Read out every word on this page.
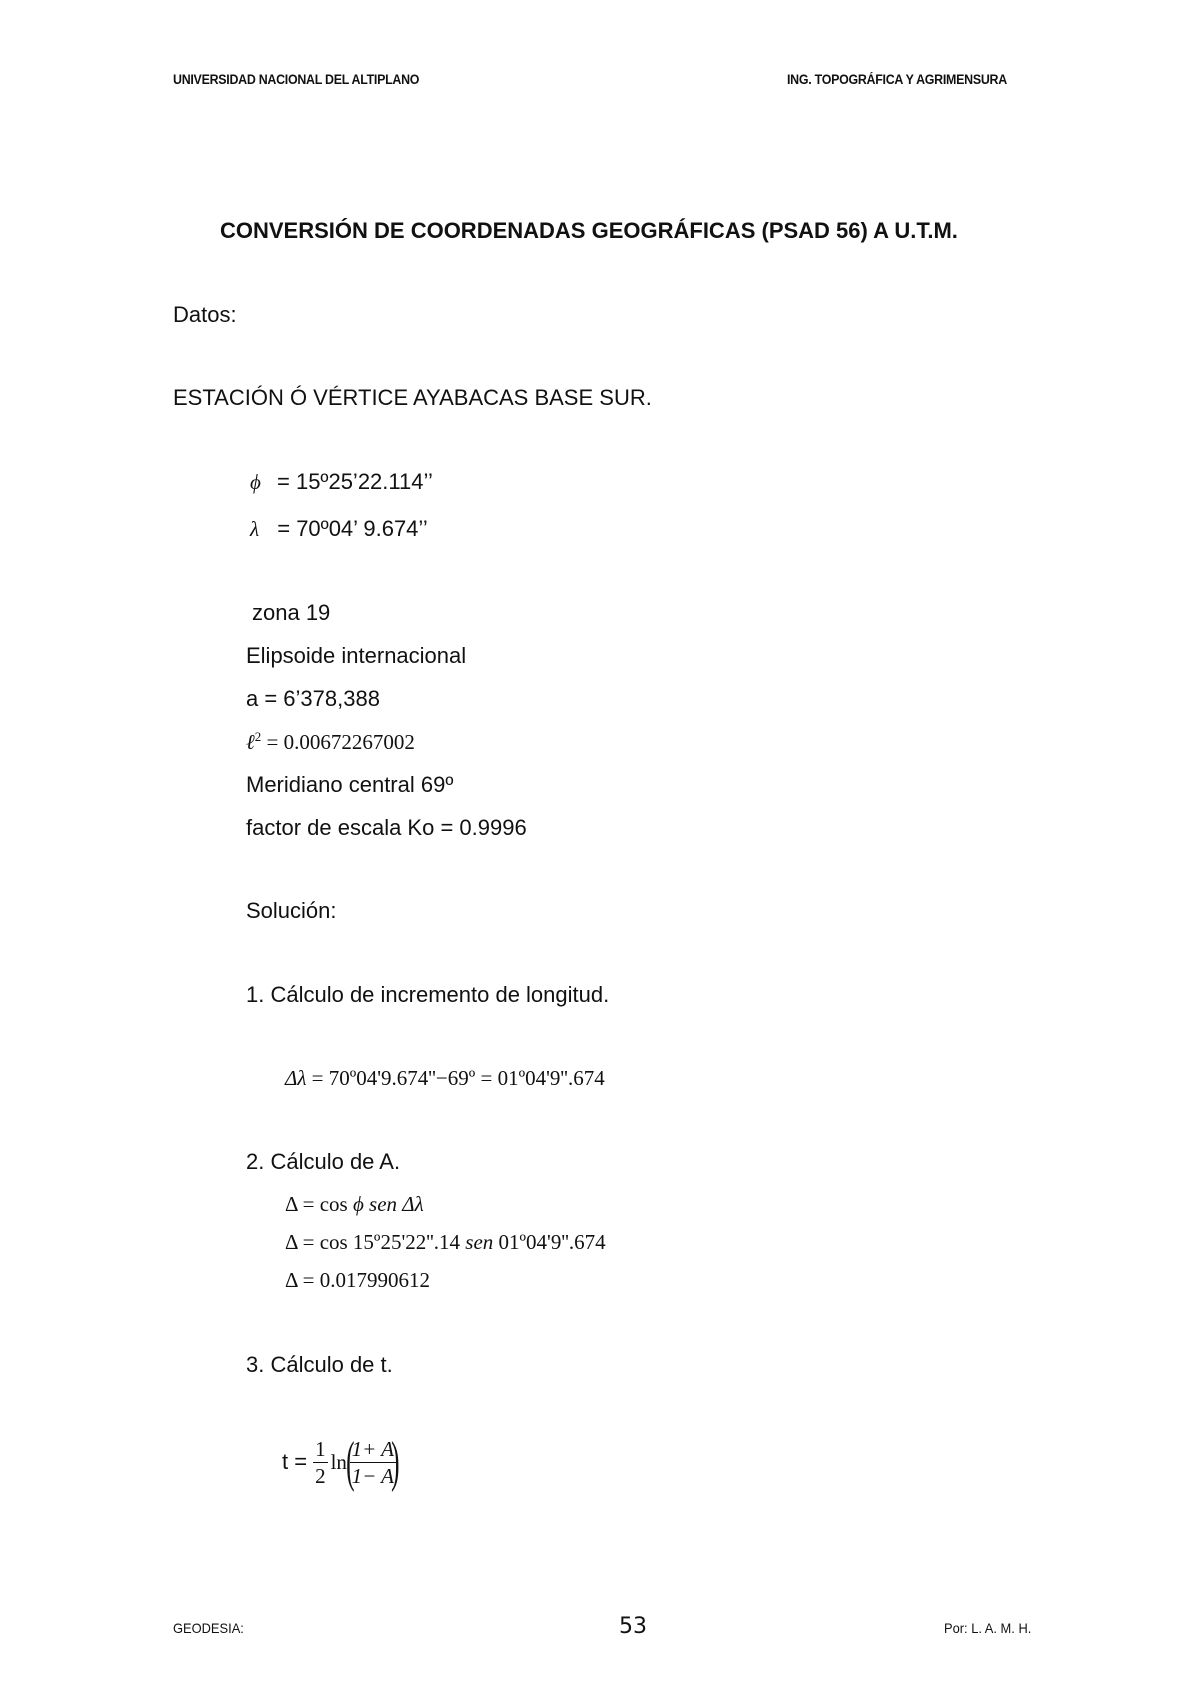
UNIVERSIDAD NACIONAL DEL ALTIPLANO	ING. TOPOGRÁFICA Y AGRIMENSURA
CONVERSIÓN DE COORDENADAS GEOGRÁFICAS (PSAD 56) A U.T.M.
Datos:
ESTACIÓN Ó VÉRTICE AYABACAS BASE SUR.
ϕ = 15º25’22.114’’
λ = 70º04’ 9.674’’
zona 19
Elipsoide internacional
a = 6’378,388
ℓ$^2$ = 0.00672267002
Meridiano central 69º
factor de escala Ko = 0.9996
Solución:
1. Cálculo de incremento de longitud.
Δλ = 70º04'9.674''−69º = 01º04'9''.674
2. Cálculo de A.
Δ = cos ϕ sen Δλ
Δ = cos 15º25'22''.14 sen 01º04'9''.674
Δ = 0.017990612
3. Cálculo de t.
$t = \frac{1}{2}$ ln (
$\frac{1+ A}{1- A}$
)
GEODESIA:	53	Por: L. A. M. H.
